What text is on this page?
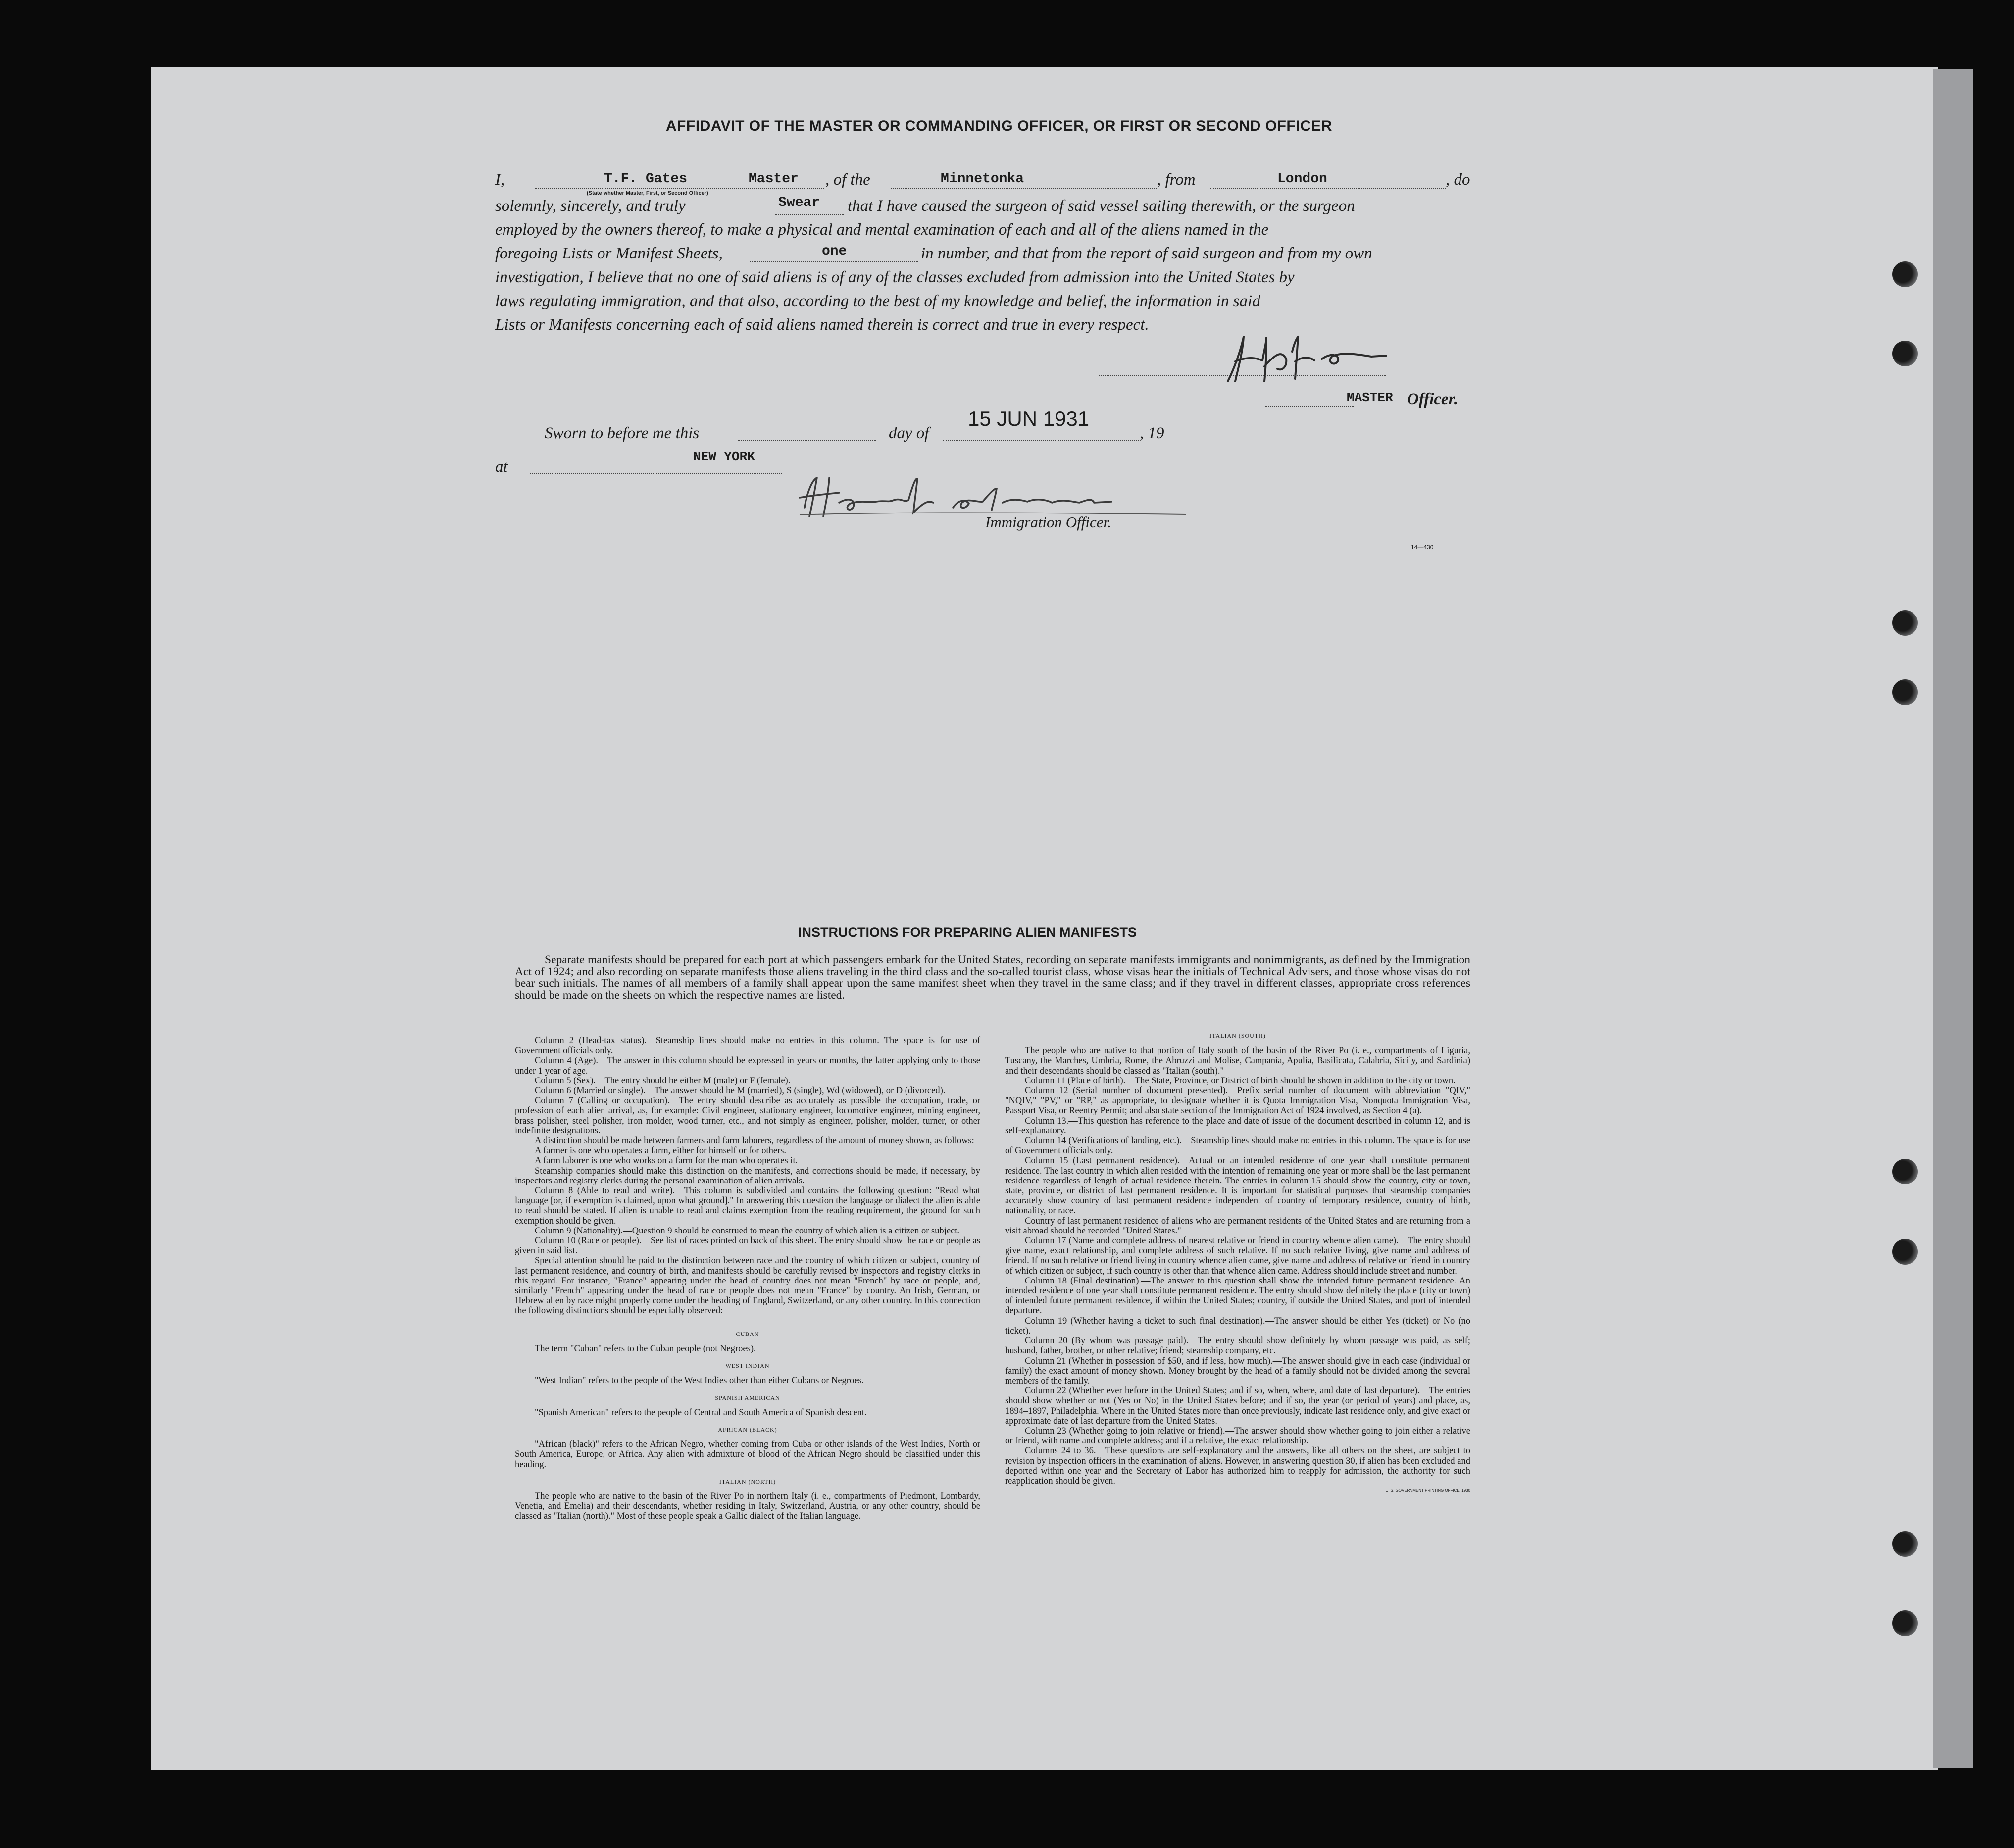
AFFIDAVIT OF THE MASTER OR COMMANDING OFFICER, OR FIRST OR SECOND OFFICER
I,	T.F. Gates	Master
(State whether Master, First, or Second Officer)
, of the	Minnetonka	, from	London	, do
solemnly, sincerely, and truly	Swear that I have caused the surgeon of said vessel sailing therewith, or the surgeon
employed by the owners thereof, to make a physical and mental examination of each and all of the aliens named in the
foregoing Lists or Manifest Sheets,	one	in number, and that from the report of said surgeon and from my own
investigation, I believe that no one of said aliens is of any of the classes excluded from admission into the United States by
laws regulating immigration, and that also, according to the best of my knowledge and belief, the information in said
Lists or Manifests concerning each of said aliens named therein is correct and true in every respect.
MASTER Officer.
Sworn to before me this	day of
15 JUN 1931
, 19
at
NEW YORK
Immigration Officer.
14—430
INSTRUCTIONS FOR PREPARING ALIEN MANIFESTS
Separate manifests should be prepared for each port at which passengers embark for the United States, recording on separate manifests immigrants and nonimmigrants, as defined by the Immigration Act of 1924; and also recording on separate manifests those aliens traveling in the third class and the so-called tourist class, whose visas bear the initials of Technical Advisers, and those whose visas do not bear such initials. The names of all members of a family shall appear upon the same manifest sheet when they travel in the same class; and if they travel in different classes, appropriate cross references should be made on the sheets on which the respective names are listed.

Column 2 (Head-tax status).—Steamship lines should make no entries in this column. The space is for use of Government officials only.

Column 4 (Age).—The answer in this column should be expressed in years or months, the latter applying only to those under 1 year of age.

Column 5 (Sex).—The entry should be either M (male) or F (female).

Column 6 (Married or single).—The answer should be M (married), S (single), Wd (widowed), or D (divorced).

Column 7 (Calling or occupation).—The entry should describe as accurately as possible the occupation, trade, or profession of each alien arrival, as, for example: Civil engineer, stationary engineer, locomotive engineer, mining engineer, brass polisher, steel polisher, iron molder, wood turner, etc., and not simply as engineer, polisher, molder, turner, or other indefinite designations.

A distinction should be made between farmers and farm laborers, regardless of the amount of money shown, as follows:

A farmer is one who operates a farm, either for himself or for others.

A farm laborer is one who works on a farm for the man who operates it.

Steamship companies should make this distinction on the manifests, and corrections should be made, if necessary, by inspectors and registry clerks during the personal examination of alien arrivals.

Column 8 (Able to read and write).—This column is subdivided and contains the following question: "Read what language [or, if exemption is claimed, upon what ground]." In answering this question the language or dialect the alien is able to read should be stated. If alien is unable to read and claims exemption from the reading requirement, the ground for such exemption should be given.

Column 9 (Nationality).—Question 9 should be construed to mean the country of which alien is a citizen or subject.

Column 10 (Race or people).—See list of races printed on back of this sheet. The entry should show the race or people as given in said list.

Special attention should be paid to the distinction between race and the country of which citizen or subject, country of last permanent residence, and country of birth, and manifests should be carefully revised by inspectors and registry clerks in this regard. For instance, "France" appearing under the head of country does not mean "French" by race or people, and, similarly "French" appearing under the head of race or people does not mean "France" by country. An Irish, German, or Hebrew alien by race might properly come under the heading of England, Switzerland, or any other country. In this connection the following distinctions should be especially observed:

CUBAN

The term "Cuban" refers to the Cuban people (not Negroes).

WEST INDIAN

"West Indian" refers to the people of the West Indies other than either Cubans or Negroes.

SPANISH AMERICAN

"Spanish American" refers to the people of Central and South America of Spanish descent.

AFRICAN (BLACK)

"African (black)" refers to the African Negro, whether coming from Cuba or other islands of the West Indies, North or South America, Europe, or Africa. Any alien with admixture of blood of the African Negro should be classified under this heading.

ITALIAN (NORTH)

The people who are native to the basin of the River Po in northern Italy (i. e., compartments of Piedmont, Lombardy, Venetia, and Emelia) and their descendants, whether residing in Italy, Switzerland, Austria, or any other country, should be classed as "Italian (north)." Most of these people speak a Gallic dialect of the Italian language.

ITALIAN (SOUTH)

The people who are native to that portion of Italy south of the basin of the River Po (i. e., compartments of Liguria, Tuscany, the Marches, Umbria, Rome, the Abruzzi and Molise, Campania, Apulia, Basilicata, Calabria, Sicily, and Sardinia) and their descendants should be classed as "Italian (south)."

Column 11 (Place of birth).—The State, Province, or District of birth should be shown in addition to the city or town.

Column 12 (Serial number of document presented).—Prefix serial number of document with abbreviation "QIV," "NQIV," "PV," or "RP," as appropriate, to designate whether it is Quota Immigration Visa, Nonquota Immigration Visa, Passport Visa, or Reentry Permit; and also state section of the Immigration Act of 1924 involved, as Section 4 (a).

Column 13.—This question has reference to the place and date of issue of the document described in column 12, and is self-explanatory.

Column 14 (Verifications of landing, etc.).—Steamship lines should make no entries in this column. The space is for use of Government officials only.

Column 15 (Last permanent residence).—Actual or an intended residence of one year shall constitute permanent residence. The last country in which alien resided with the intention of remaining one year or more shall be the last permanent residence regardless of length of actual residence therein. The entries in column 15 should show the country, city or town, state, province, or district of last permanent residence. It is important for statistical purposes that steamship companies accurately show country of last permanent residence independent of country of temporary residence, country of birth, nationality, or race.

Country of last permanent residence of aliens who are permanent residents of the United States and are returning from a visit abroad should be recorded "United States."

Column 17 (Name and complete address of nearest relative or friend in country whence alien came).—The entry should give name, exact relationship, and complete address of such relative. If no such relative living, give name and address of friend. If no such relative or friend living in country whence alien came, give name and address of relative or friend in country of which citizen or subject, if such country is other than that whence alien came. Address should include street and number.

Column 18 (Final destination).—The answer to this question shall show the intended future permanent residence. An intended residence of one year shall constitute permanent residence. The entry should show definitely the place (city or town) of intended future permanent residence, if within the United States; country, if outside the United States, and port of intended departure.

Column 19 (Whether having a ticket to such final destination).—The answer should be either Yes (ticket) or No (no ticket).

Column 20 (By whom was passage paid).—The entry should show definitely by whom passage was paid, as self; husband, father, brother, or other relative; friend; steamship company, etc.

Column 21 (Whether in possession of $50, and if less, how much).—The answer should give in each case (individual or family) the exact amount of money shown. Money brought by the head of a family should not be divided among the several members of the family.

Column 22 (Whether ever before in the United States; and if so, when, where, and date of last departure).—The entries should show whether or not (Yes or No) in the United States before; and if so, the year (or period of years) and place, as, 1894–1897, Philadelphia. Where in the United States more than once previously, indicate last residence only, and give exact or approximate date of last departure from the United States.

Column 23 (Whether going to join relative or friend).—The answer should show whether going to join either a relative or friend, with name and complete address; and if a relative, the exact relationship.

Columns 24 to 36.—These questions are self-explanatory and the answers, like all others on the sheet, are subject to revision by inspection officers in the examination of aliens. However, in answering question 30, if alien has been excluded and deported within one year and the Secretary of Labor has authorized him to reapply for admission, the authority for such reapplication should be given.

U. S. GOVERNMENT PRINTING OFFICE: 1930
